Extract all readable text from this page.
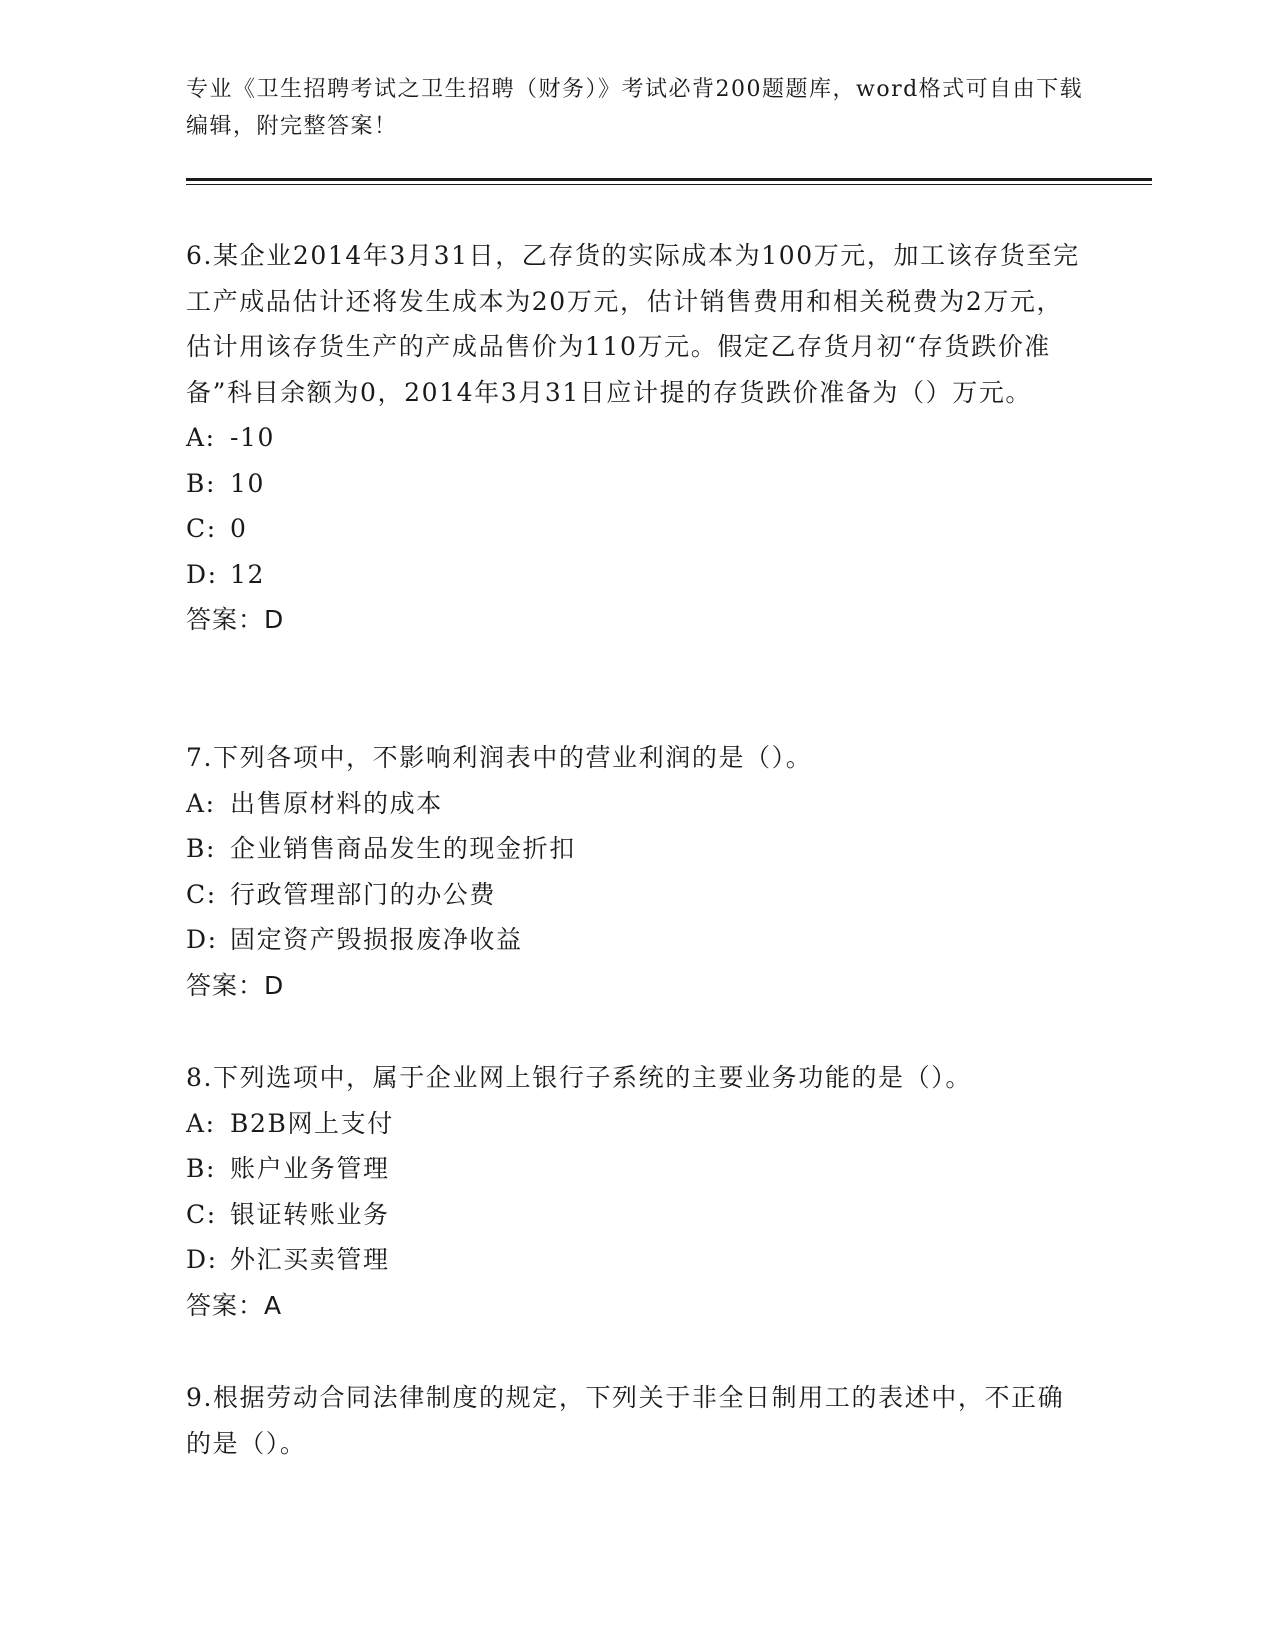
专业《卫生招聘考试之卫生招聘（财务）》考试必背200题题库，word格式可自由下载编辑，附完整答案！
6.某企业2014年3月31日，乙存货的实际成本为100万元，加工该存货至完工产成品估计还将发生成本为20万元，估计销售费用和相关税费为2万元，估计用该存货生产的产成品售价为110万元。假定乙存货月初“存货跌价准备”科目余额为0，2014年3月31日应计提的存货跌价准备为（）万元。
A: -10
B: 10
C: 0
D: 12
答案：D
7.下列各项中，不影响利润表中的营业利润的是（）。
A: 出售原材料的成本
B: 企业销售商品发生的现金折扣
C: 行政管理部门的办公费
D: 固定资产毁损报废净收益
答案：D
8.下列选项中，属于企业网上银行子系统的主要业务功能的是（）。
A: B2B网上支付
B: 账户业务管理
C: 银证转账业务
D: 外汇买卖管理
答案：A
9.根据劳动合同法律制度的规定，下列关于非全日制用工的表述中，不正确的是（）。
